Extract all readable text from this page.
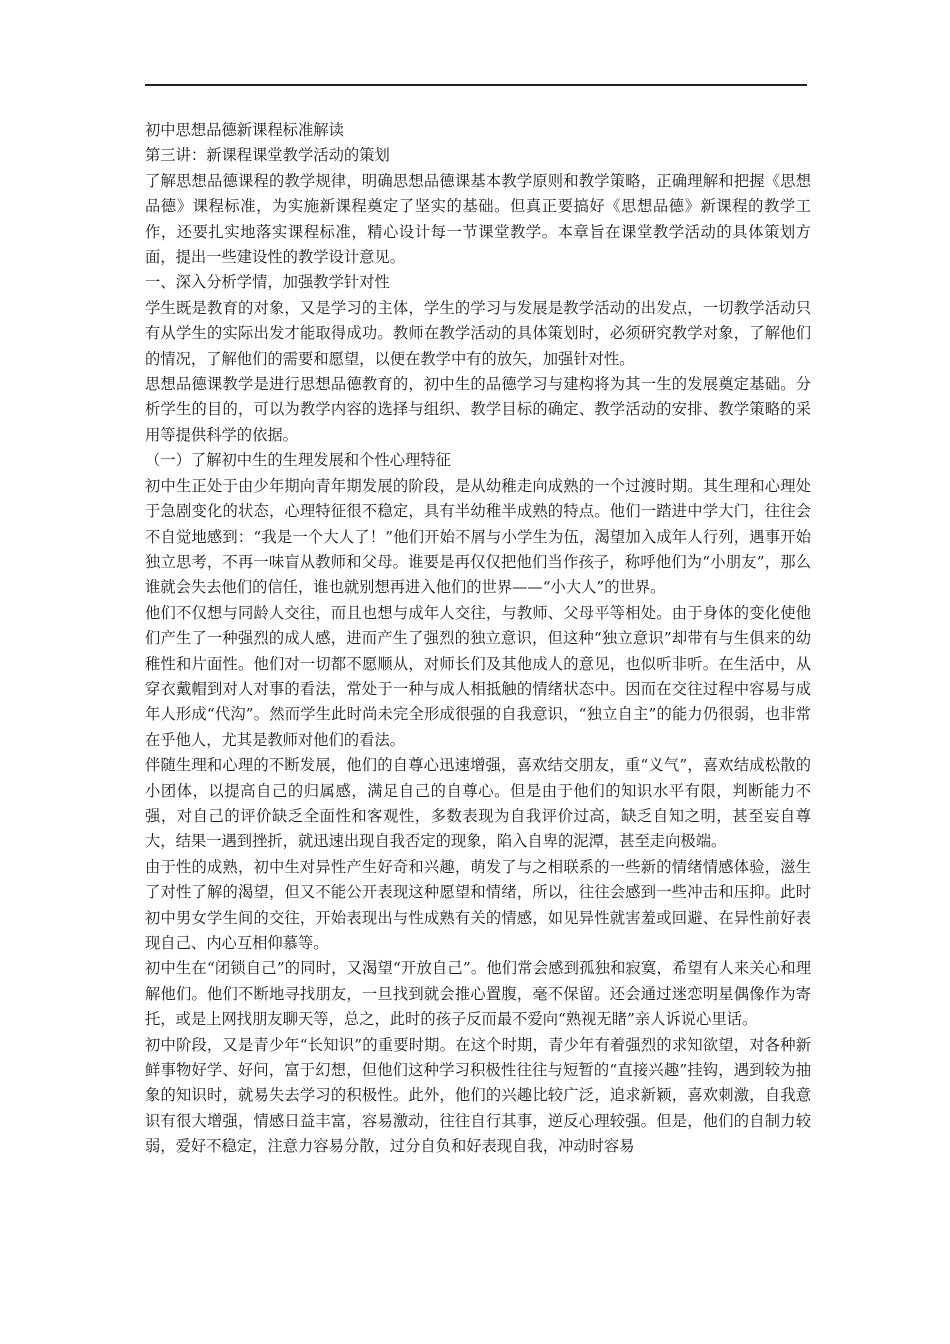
初中思想品德新课程标准解读

第三讲：新课程课堂教学活动的策划

了解思想品德课程的教学规律，明确思想品德课基本教学原则和教学策略，正确理解和把握《思想品德》课程标准，为实施新课程奠定了坚实的基础。但真正要搞好《思想品德》新课程的教学工作，还要扎实地落实课程标准，精心设计每一节课堂教学。本章旨在课堂教学活动的具体策划方面，提出一些建设性的教学设计意见。

一、深入分析学情，加强教学针对性

学生既是教育的对象，又是学习的主体，学生的学习与发展是教学活动的出发点，一切教学活动只有从学生的实际出发才能取得成功。教师在教学活动的具体策划时，必须研究教学对象，了解他们的情况，了解他们的需要和愿望，以便在教学中有的放矢，加强针对性。

思想品德课教学是进行思想品德教育的，初中生的品德学习与建构将为其一生的发展奠定基础。分析学生的目的，可以为教学内容的选择与组织、教学目标的确定、教学活动的安排、教学策略的采用等提供科学的依据。

（一）了解初中生的生理发展和个性心理特征

初中生正处于由少年期向青年期发展的阶段，是从幼稚走向成熟的一个过渡时期。其生理和心理处于急剧变化的状态，心理特征很不稳定，具有半幼稚半成熟的特点。他们一踏进中学大门，往往会不自觉地感到：“我是一个大人了！”他们开始不屑与小学生为伍，渴望加入成年人行列，遇事开始独立思考，不再一味盲从教师和父母。谁要是再仅仅把他们当作孩子，称呼他们为“小朋友”，那么谁就会失去他们的信任，谁也就别想再进入他们的世界——“小大人”的世界。

他们不仅想与同龄人交往，而且也想与成年人交往，与教师、父母平等相处。由于身体的变化使他们产生了一种强烈的成人感，进而产生了强烈的独立意识，但这种“独立意识”却带有与生俱来的幼稚性和片面性。他们对一切都不愿顺从，对师长们及其他成人的意见，也似听非听。在生活中，从穿衣戴帽到对人对事的看法，常处于一种与成人相抵触的情绪状态中。因而在交往过程中容易与成年人形成“代沟”。然而学生此时尚未完全形成很强的自我意识，“独立自主”的能力仍很弱，也非常在乎他人，尤其是教师对他们的看法。

伴随生理和心理的不断发展，他们的自尊心迅速增强，喜欢结交朋友，重“义气”，喜欢结成松散的小团体，以提高自己的归属感，满足自己的自尊心。但是由于他们的知识水平有限，判断能力不强，对自己的评价缺乏全面性和客观性，多数表现为自我评价过高，缺乏自知之明，甚至妄自尊大，结果一遇到挫折，就迅速出现自我否定的现象，陷入自卑的泥潭，甚至走向极端。

由于性的成熟，初中生对异性产生好奇和兴趣，萌发了与之相联系的一些新的情绪情感体验，滋生了对性了解的渴望，但又不能公开表现这种愿望和情绪，所以，往往会感到一些冲击和压抑。此时初中男女学生间的交往，开始表现出与性成熟有关的情感，如见异性就害羞或回避、在异性前好表现自己、内心互相仰慕等。

初中生在“闭锁自己”的同时，又渴望“开放自己”。他们常会感到孤独和寂寞，希望有人来关心和理解他们。他们不断地寻找朋友，一旦找到就会推心置腹，毫不保留。还会通过迷恋明星偶像作为寄托，或是上网找朋友聊天等，总之，此时的孩子反而最不爱向“熟视无睹”亲人诉说心里话。

初中阶段，又是青少年“长知识”的重要时期。在这个时期，青少年有着强烈的求知欲望，对各种新鲜事物好学、好问，富于幻想，但他们这种学习积极性往往与短暂的“直接兴趣”挂钩，遇到较为抽象的知识时，就易失去学习的积极性。此外，他们的兴趣比较广泛，追求新颖，喜欢刺激，自我意识有很大增强，情感日益丰富，容易激动，往往自行其事，逆反心理较强。但是，他们的自制力较弱，爱好不稳定，注意力容易分散，过分自负和好表现自我，冲动时容易
